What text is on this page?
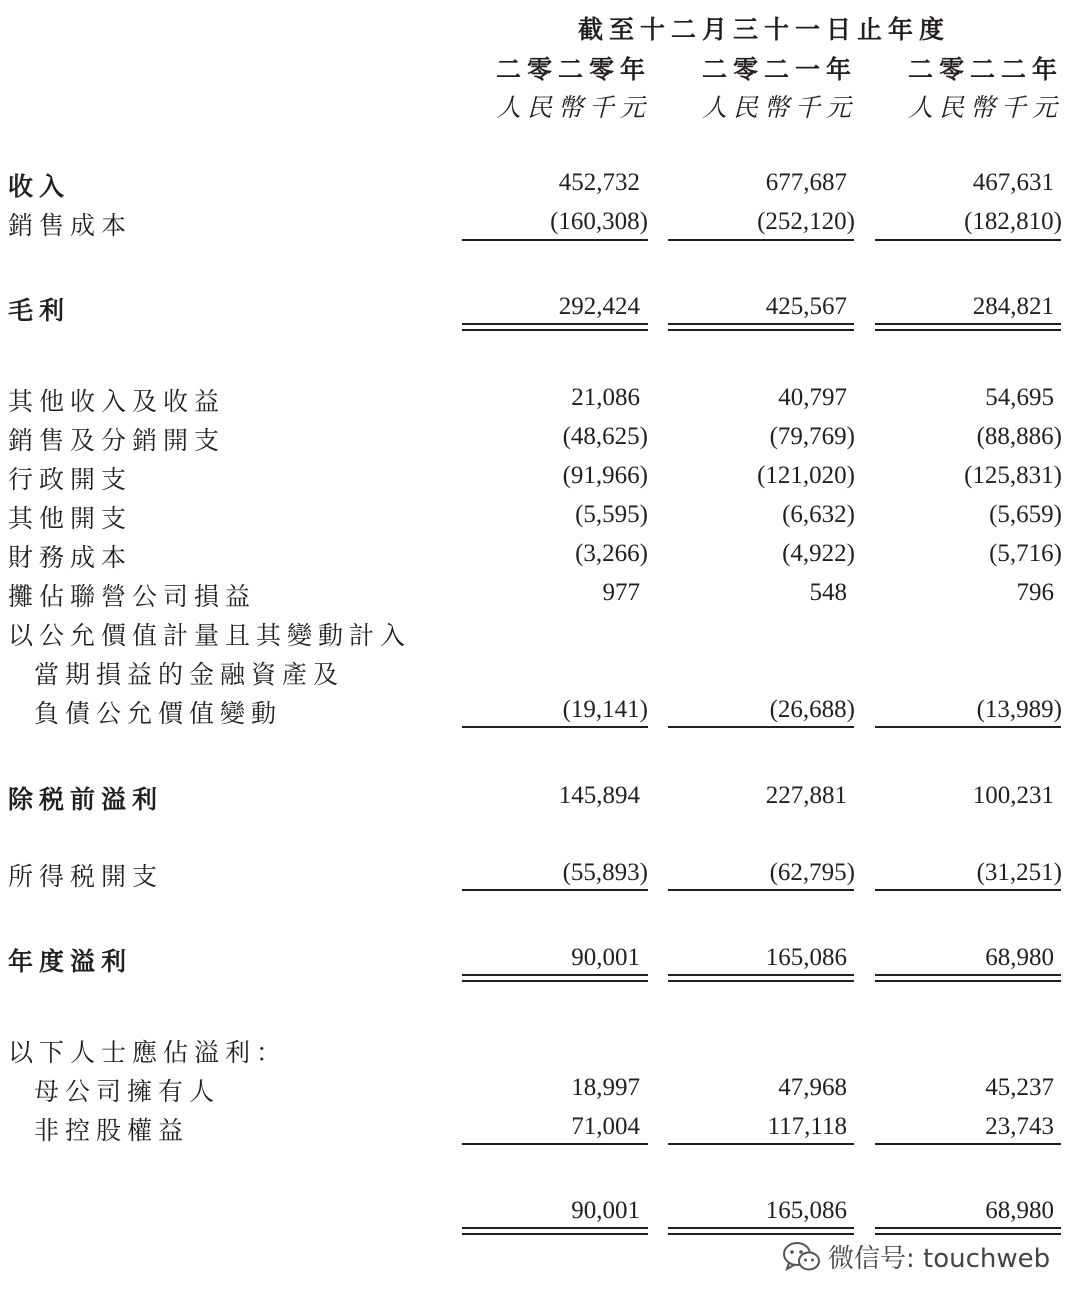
截至十二月三十一日止年度
二零二零年 二零二一年 二零二二年
人民幣千元 人民幣千元 人民幣千元
收入	452,732	677,687	467,631
銷售成本	(160,308)	(252,120)	(182,810)
毛利	292,424	425,567	284,821
其他收入及收益	21,086	40,797	54,695
銷售及分銷開支	(48,625)	(79,769)	(88,886)
行政開支	(91,966)	(121,020)	(125,831)
其他開支	(5,595)	(6,632)	(5,659)
財務成本	(3,266)	(4,922)	(5,716)
攤佔聯營公司損益	977	548	796
以公允價值計量且其變動計入
當期損益的金融資產及
負債公允價值變動	(19,141)	(26,688)	(13,989)
除税前溢利	145,894	227,881	100,231
所得税開支	(55,893)	(62,795)	(31,251)
年度溢利	90,001	165,086	68,980
以下人士應佔溢利：
母公司擁有人	18,997	47,968	45,237
非控股權益	71,004	117,118	23,743
90,001	165,086	68,980
微信号: touchweb
